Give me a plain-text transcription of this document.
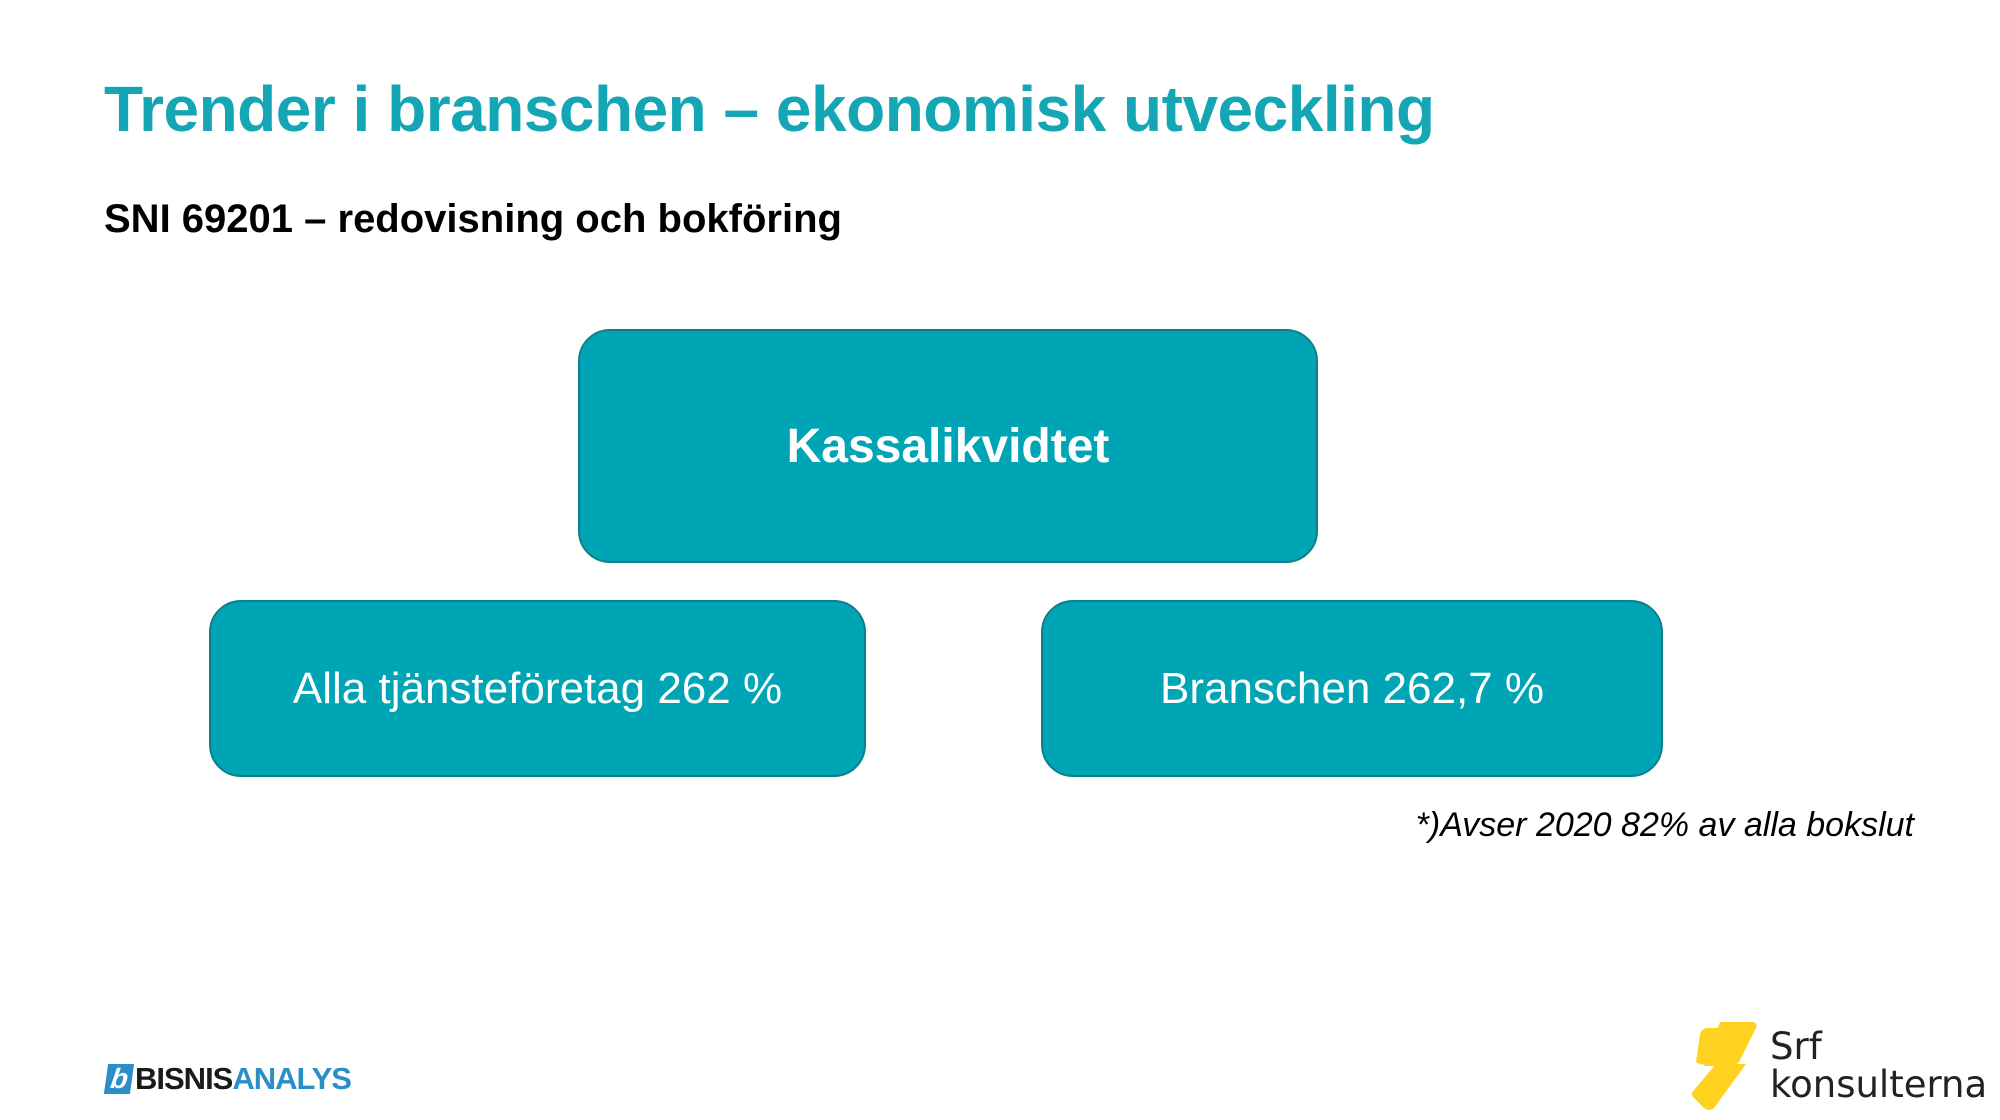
Trender i branschen – ekonomisk utveckling
SNI 69201 – redovisning och bokföring
Kassalikvidtet
Alla tjänsteföretag 262 %	Branschen 262,7 %
*)Avser 2020 82% av alla bokslut
b BISNIS ANALYS
Srf
konsulterna
